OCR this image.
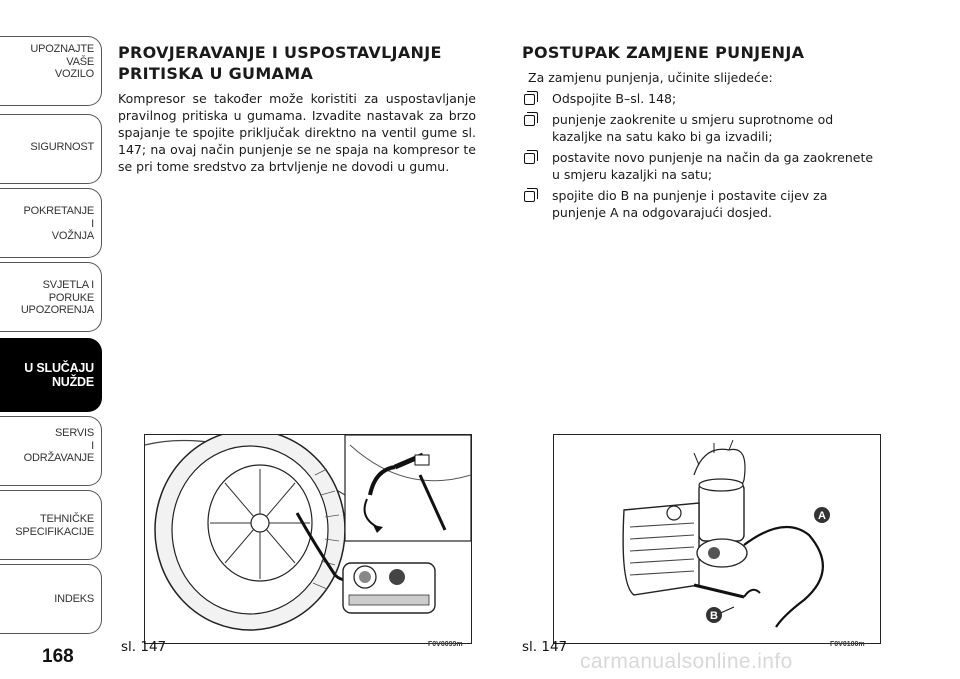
UPOZNAJTE
VAŠE
VOZILO
SIGURNOST
POKRETANJE
I
VOŽNJA
SVJETLA I
PORUKE
UPOZORENJA
U SLUČAJU
NUŽDE
SERVIS
I
ODRŽAVANJE
TEHNIČKE
SPECIFIKACIJE
INDEKS
168
PROVJERAVANJE I USPOSTAVLJANJE
PRITISKA U GUMAMA

Kompresor se također može koristiti za uspostavljanje pravilnog pritiska u gumama. Izvadite nastavak za brzo spajanje te spojite priključak direktno na ventil gume sl. 147; na ovaj način punjenje se ne spaja na kompresor te se pri tome sredstvo za brtvljenje ne dovodi u gumu.

POSTUPAK ZAMJENE PUNJENJA

Za zamjenu punjenja, učinite slijedeće:

Odspojite B–sl. 148;
punjenje zaokrenite u smjeru suprotnome od kazaljke na satu kako bi ga izvadili;
postavite novo punjenje na način da ga zaokrenete u smjeru kazaljki na satu;
spojite dio B na punjenje i postavite cijev za punjenje A na odgovarajući dosjed.
sl. 147	F0V0099m
A
B
sl. 147	F0V0100m
carmanualsonline.info
